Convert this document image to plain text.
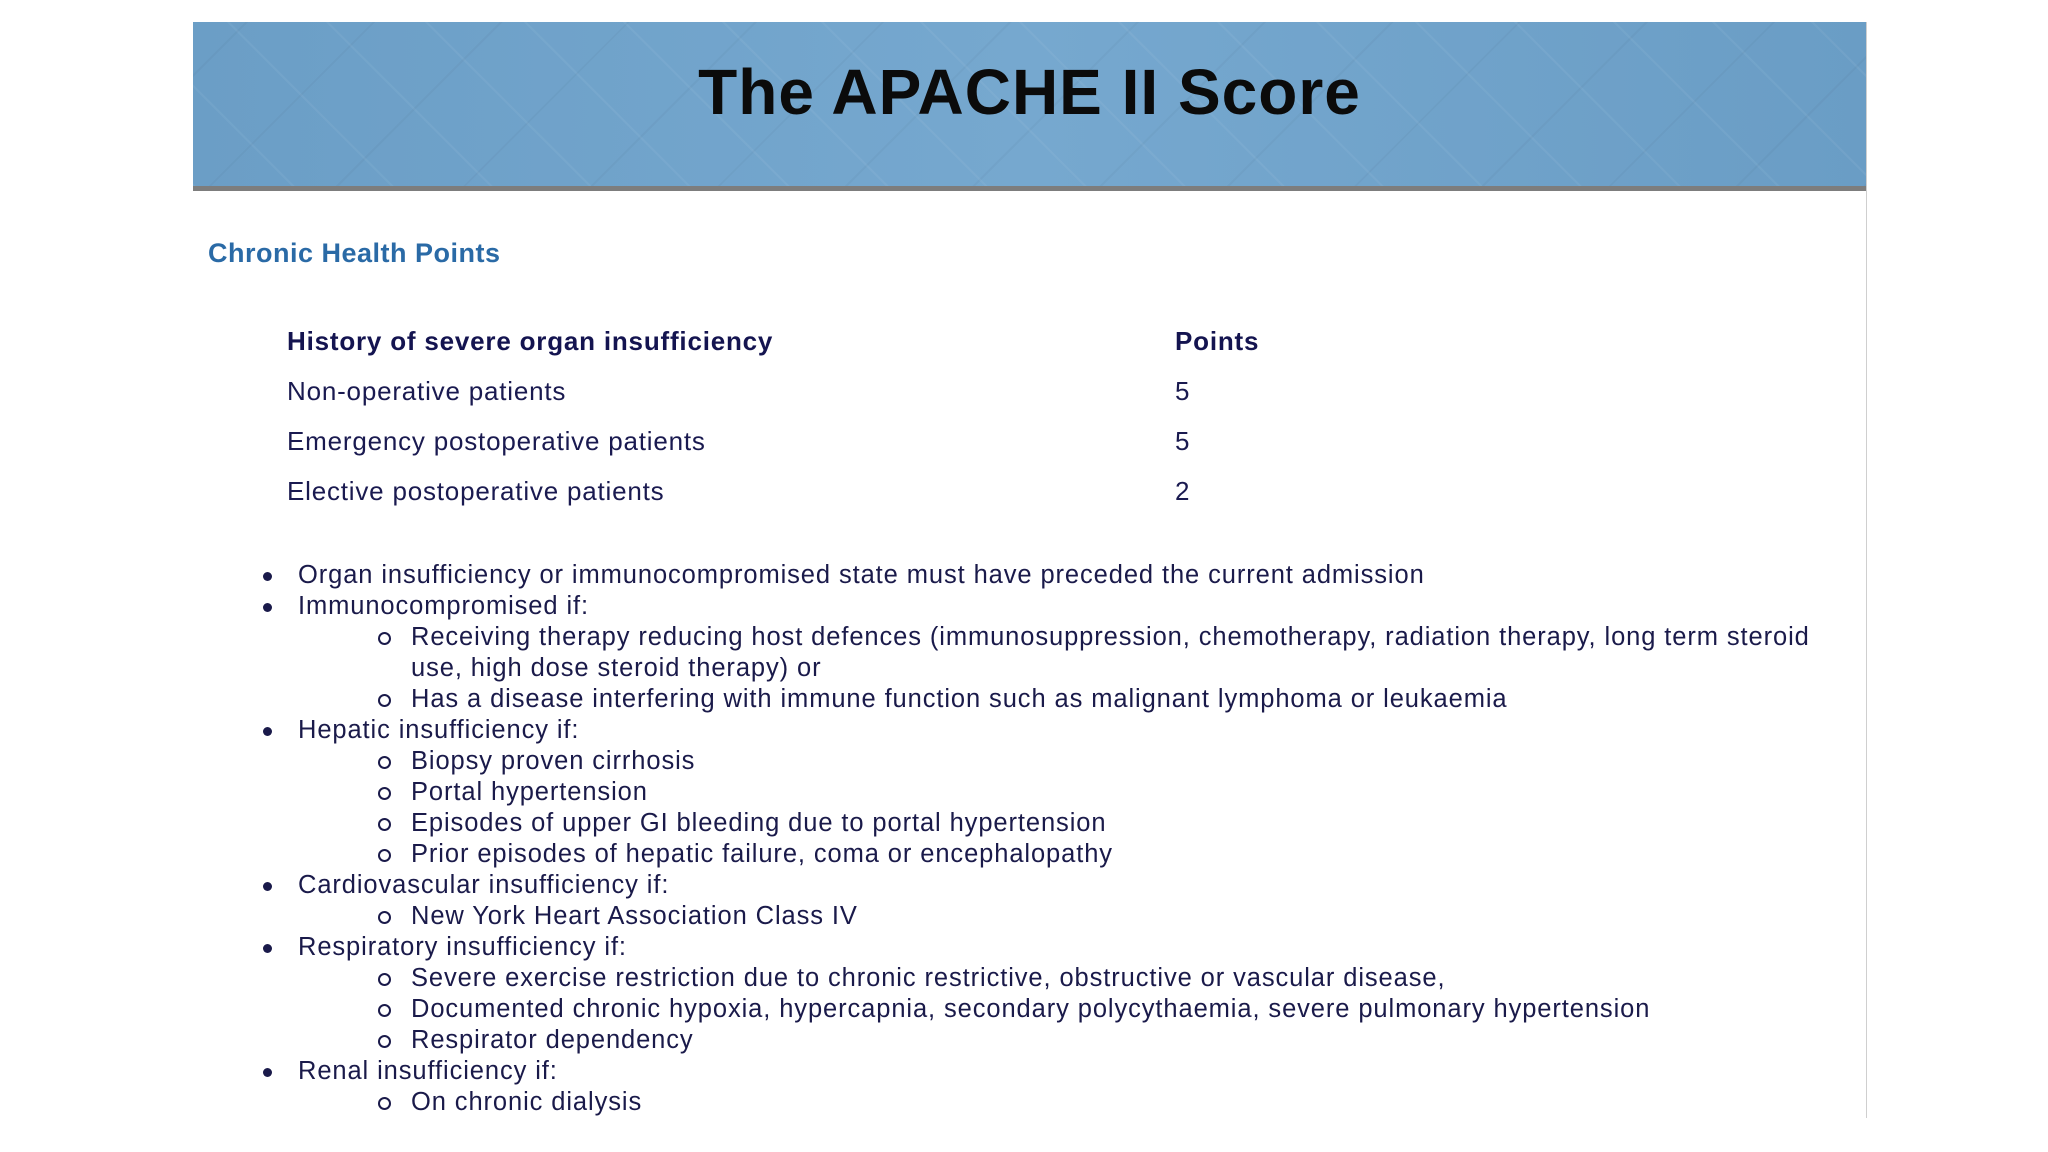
The APACHE II Score
Chronic Health Points
History of severe organ insufficiency	Points
Non-operative patients	5
Emergency postoperative patients	5
Elective postoperative patients	2
Organ insufficiency or immunocompromised state must have preceded the current admission
Immunocompromised if:
Receiving therapy reducing host defences (immunosuppression, chemotherapy, radiation therapy, long term steroid use, high dose steroid therapy) or
Has a disease interfering with immune function such as malignant lymphoma or leukaemia
Hepatic insufficiency if:
Biopsy proven cirrhosis
Portal hypertension
Episodes of upper GI bleeding due to portal hypertension
Prior episodes of hepatic failure, coma or encephalopathy
Cardiovascular insufficiency if:
New York Heart Association Class IV
Respiratory insufficiency if:
Severe exercise restriction due to chronic restrictive, obstructive or vascular disease,
Documented chronic hypoxia, hypercapnia, secondary polycythaemia, severe pulmonary hypertension
Respirator dependency
Renal insufficiency if:
On chronic dialysis
